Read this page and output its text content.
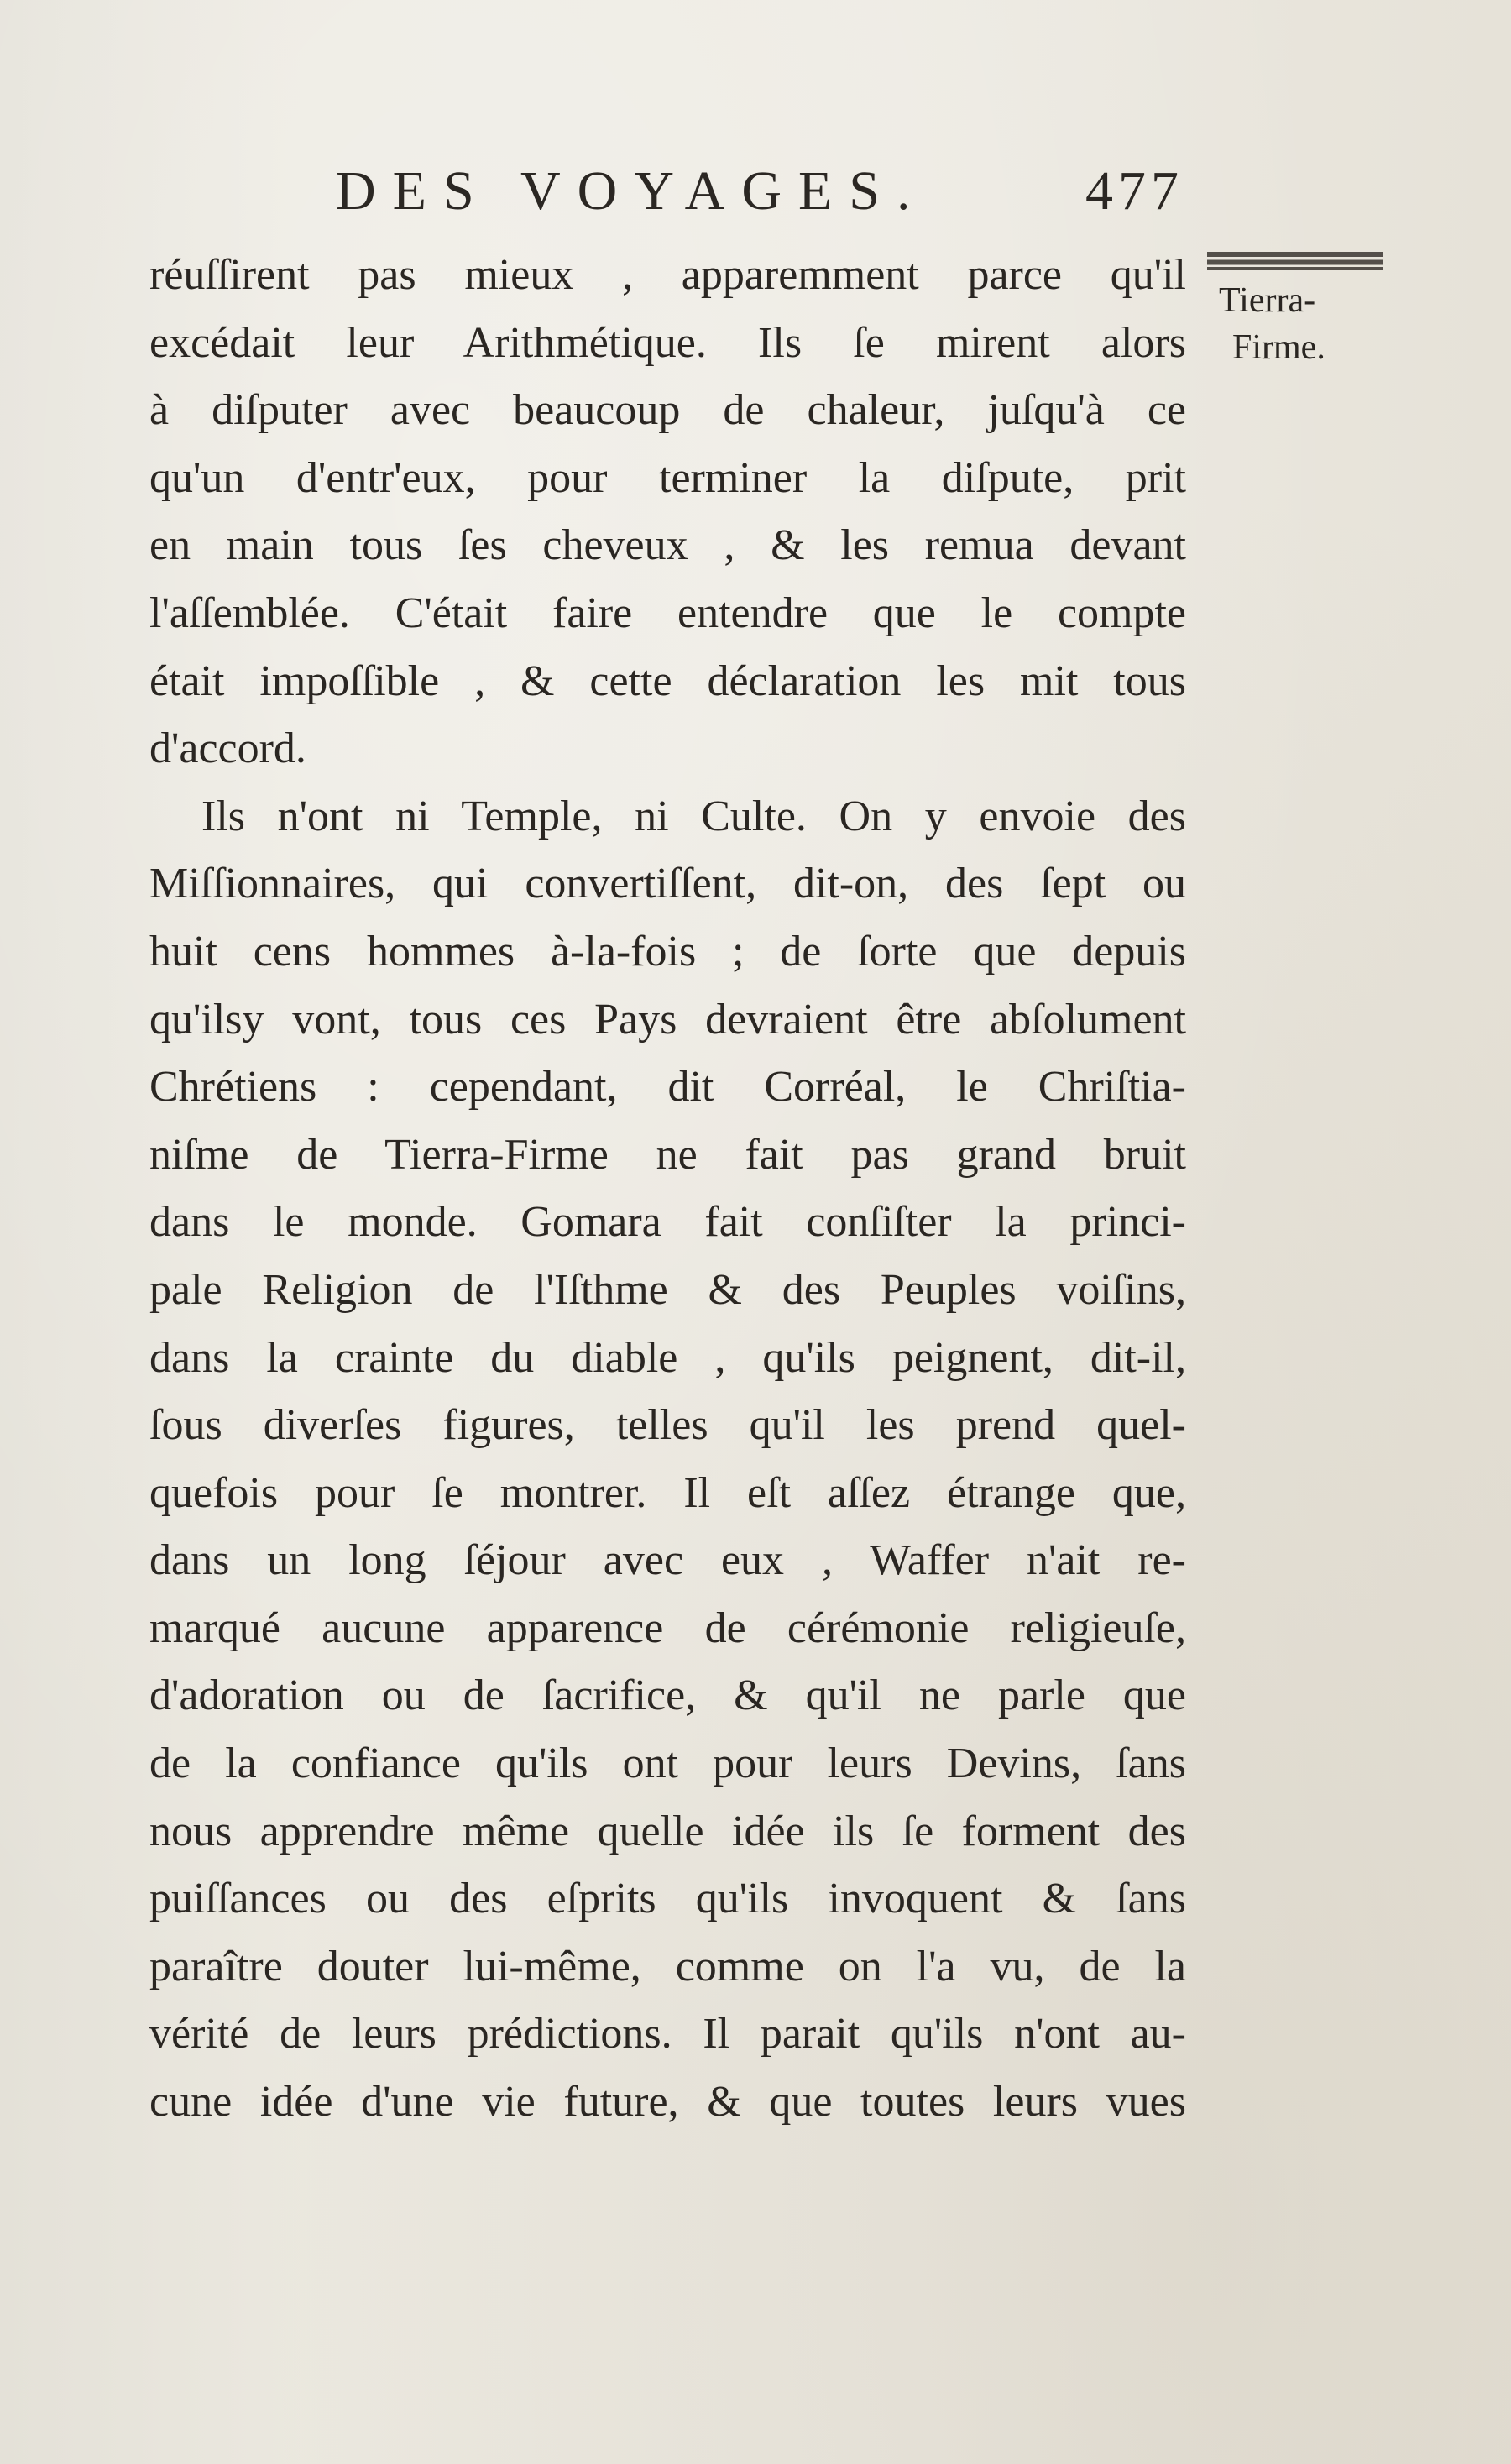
DES VOYAGES.	477
Tierra-
Firme.
réuſſirent pas mieux , apparemment parce qu'il
excédait leur Arithmétique. Ils ſe mirent alors
à diſputer avec beaucoup de chaleur, juſqu'à ce
qu'un d'entr'eux, pour terminer la diſpute, prit
en main tous ſes cheveux , & les remua devant
l'aſſemblée. C'était faire entendre que le compte
était impoſſible , & cette déclaration les mit tous
d'accord.
Ils n'ont ni Temple, ni Culte. On y envoie des
Miſſionnaires, qui convertiſſent, dit-on, des ſept ou
huit cens hommes à-la-fois ; de ſorte que depuis
qu'ilsy vont, tous ces Pays devraient être abſolument
Chrétiens : cependant, dit Corréal, le Chriſtia-
niſme de Tierra-Firme ne fait pas grand bruit
dans le monde. Gomara fait conſiſter la princi-
pale Religion de l'Iſthme & des Peuples voiſins,
dans la crainte du diable , qu'ils peignent, dit-il,
ſous diverſes figures, telles qu'il les prend quel-
quefois pour ſe montrer. Il eſt aſſez étrange que,
dans un long ſéjour avec eux , Waffer n'ait re-
marqué aucune apparence de cérémonie religieuſe,
d'adoration ou de ſacrifice, & qu'il ne parle que
de la confiance qu'ils ont pour leurs Devins, ſans
nous apprendre même quelle idée ils ſe forment des
puiſſances ou des eſprits qu'ils invoquent & ſans
paraître douter lui-même, comme on l'a vu, de la
vérité de leurs prédictions. Il parait qu'ils n'ont au-
cune idée d'une vie future, & que toutes leurs vues
